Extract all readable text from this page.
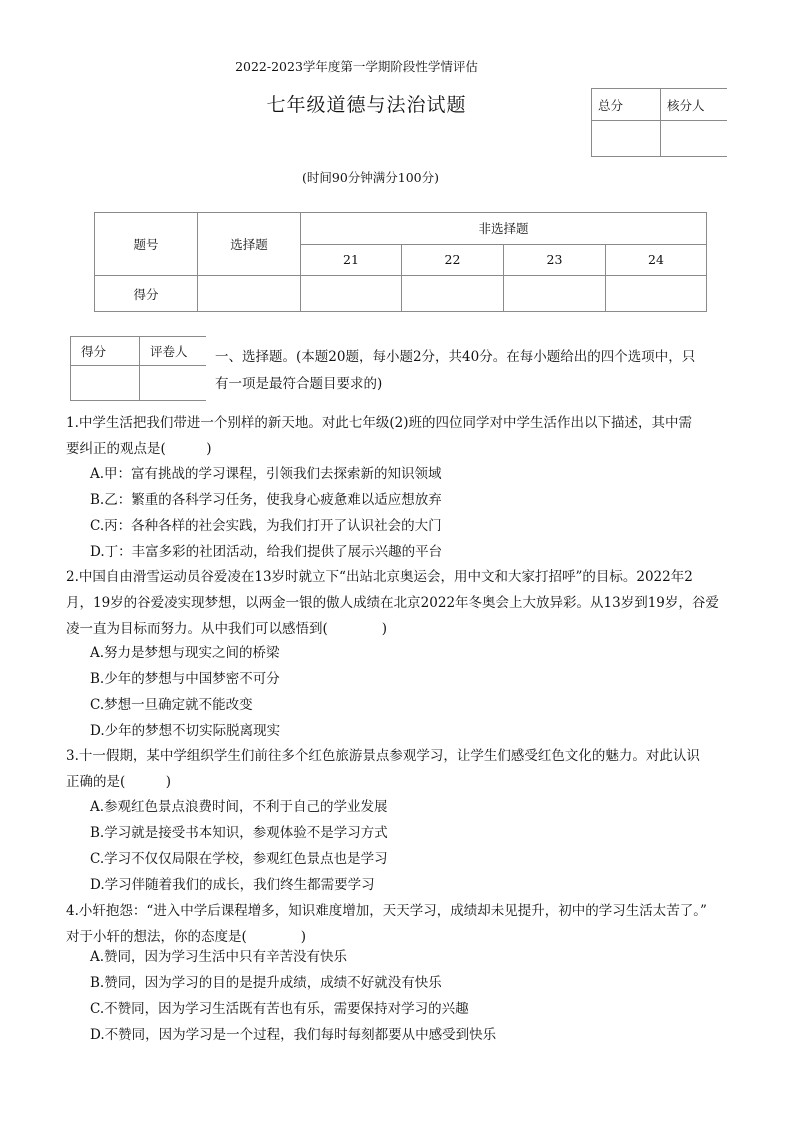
2022-2023学年度第一学期阶段性学情评估
七年级道德与法治试题
(时间90分钟满分100分)
总分	核分人

题号	选择题	非选择题			
		21	22	23	24
得分					
得分	评卷人
	一、选择题。(本题20题，每小题2分，共40分。在每小题给出的四个选项中，只
有一项是最符合题目要求的)
1.中学生活把我们带进一个别样的新天地。对此七年级(2)班的四位同学对中学生活作出以下描述，其中需
要纠正的观点是(　　　)
A.甲：富有挑战的学习课程，引领我们去探索新的知识领域
B.乙：繁重的各科学习任务，使我身心疲惫难以适应想放弃
C.丙：各种各样的社会实践，为我们打开了认识社会的大门
D.丁：丰富多彩的社团活动，给我们提供了展示兴趣的平台
2.中国自由滑雪运动员谷爱凌在13岁时就立下“出站北京奥运会，用中文和大家打招呼”的目标。2022年2
月，19岁的谷爱凌实现梦想，以两金一银的傲人成绩在北京2022年冬奥会上大放异彩。从13岁到19岁，谷爱
凌一直为目标而努力。从中我们可以感悟到(　　　　)
A.努力是梦想与现实之间的桥梁
B.少年的梦想与中国梦密不可分
C.梦想一旦确定就不能改变
D.少年的梦想不切实际脱离现实
3.十一假期，某中学组织学生们前往多个红色旅游景点参观学习，让学生们感受红色文化的魅力。对此认识
正确的是(　　　)
A.参观红色景点浪费时间，不利于自己的学业发展
B.学习就是接受书本知识，参观体验不是学习方式
C.学习不仅仅局限在学校，参观红色景点也是学习
D.学习伴随着我们的成长，我们终生都需要学习
4.小轩抱怨：“进入中学后课程增多，知识难度增加，天天学习，成绩却未见提升，初中的学习生活太苦了。”
对于小轩的想法，你的态度是(　　　　)
A.赞同，因为学习生活中只有辛苦没有快乐
B.赞同，因为学习的目的是提升成绩，成绩不好就没有快乐
C.不赞同，因为学习生活既有苦也有乐，需要保持对学习的兴趣
D.不赞同，因为学习是一个过程，我们每时每刻都要从中感受到快乐
